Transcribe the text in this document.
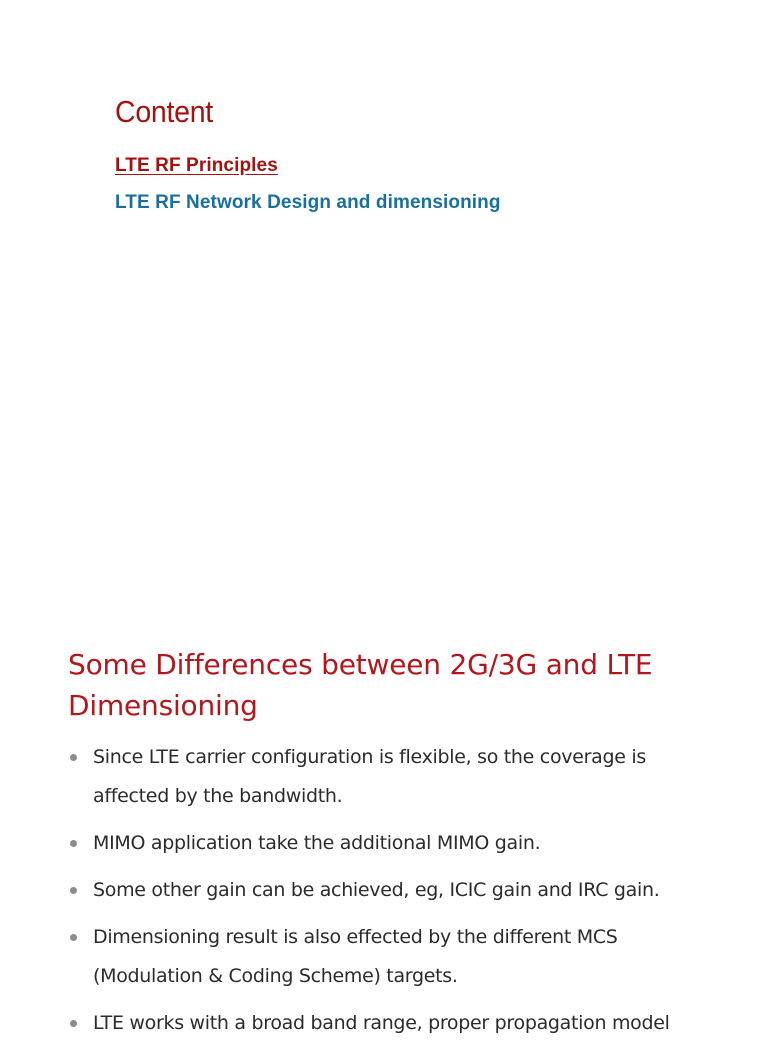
Content
LTE RF Principles
LTE RF Network Design and dimensioning
Some Differences between 2G/3G and LTE Dimensioning
Since LTE carrier configuration is flexible, so the coverage is affected by the bandwidth.
MIMO application take the additional MIMO gain.
Some other gain can be achieved, eg, ICIC gain and IRC gain.
Dimensioning result is also effected by the different MCS (Modulation & Coding Scheme) targets.
LTE works with a broad band range, proper propagation model
